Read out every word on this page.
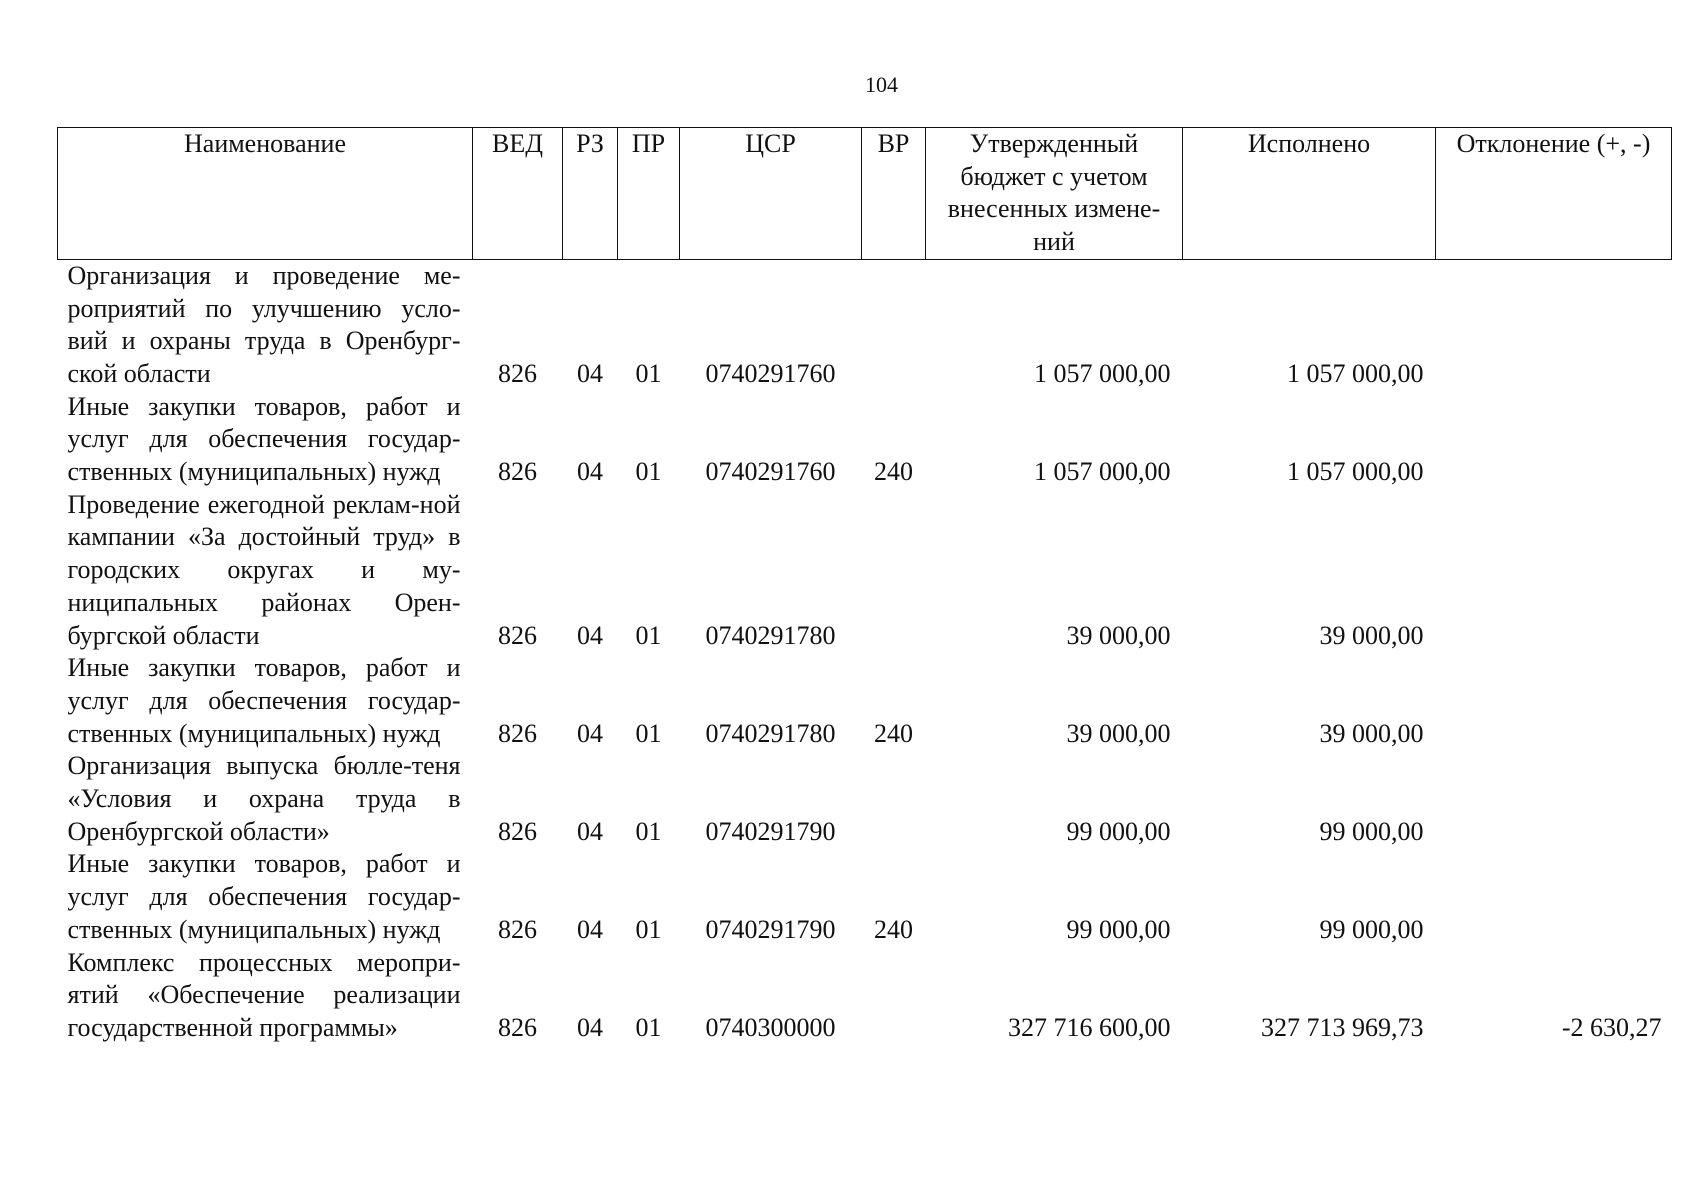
104
Наименование	ВЕД	РЗ	ПР	ЦСР	ВР	Утвержденный бюджет с учетом внесенных измене-ний	Исполнено	Отклонение (+, -)
Организация и проведение ме-роприятий по улучшению усло-вий и охраны труда в Оренбург-ской области	826	04	01	0740291760		1 057 000,00	1 057 000,00	
Иные закупки товаров, работ и услуг для обеспечения государ-ственных (муниципальных) нужд	826	04	01	0740291760	240	1 057 000,00	1 057 000,00	
Проведение ежегодной реклам-ной кампании «За достойный труд» в городских округах и му-ниципальных районах Орен-бургской области	826	04	01	0740291780		39 000,00	39 000,00	
Иные закупки товаров, работ и услуг для обеспечения государ-ственных (муниципальных) нужд	826	04	01	0740291780	240	39 000,00	39 000,00	
Организация выпуска бюлле-теня «Условия и охрана труда в Оренбургской области»	826	04	01	0740291790		99 000,00	99 000,00	
Иные закупки товаров, работ и услуг для обеспечения государ-ственных (муниципальных) нужд	826	04	01	0740291790	240	99 000,00	99 000,00	
Комплекс процессных меропри-ятий «Обеспечение реализации государственной программы»	826	04	01	0740300000		327 716 600,00	327 713 969,73	-2 630,27
